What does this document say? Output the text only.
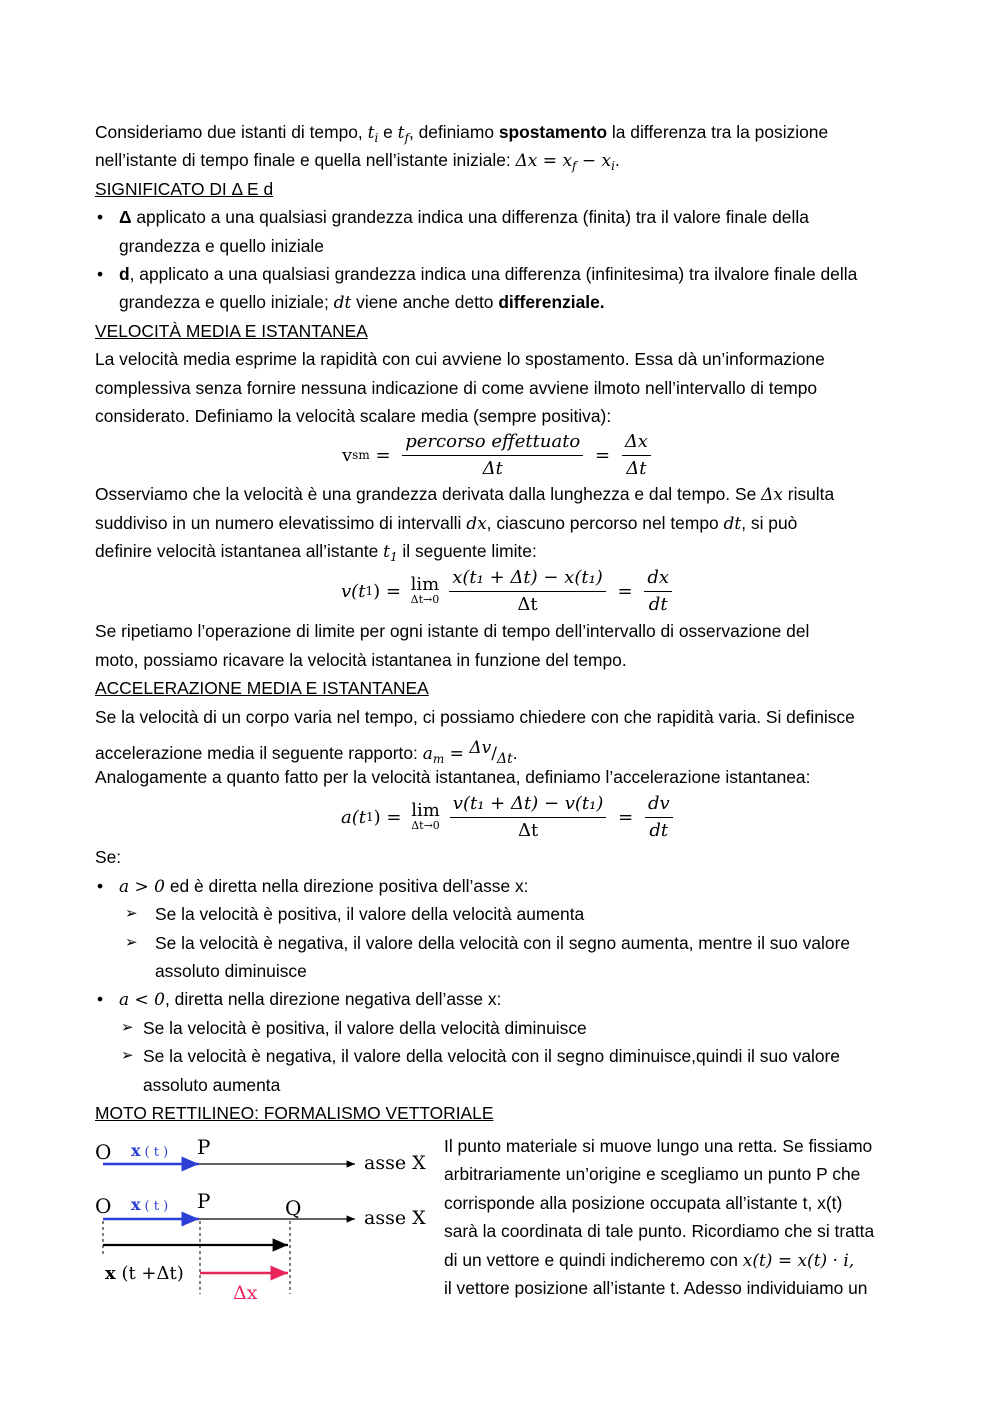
Consideriamo due istanti di tempo, $t_i$ e $t_f$, definiamo spostamento la differenza tra la posizione
nell’istante di tempo finale e quella nell’istante iniziale: $\Delta x = x_f - x_i$.
SIGNIFICATO DI Δ E d
• Δ applicato a una qualsiasi grandezza indica una differenza (finita) tra il valore finale della
grandezza e quello iniziale
• d, applicato a una qualsiasi grandezza indica una differenza (infinitesima) tra ilvalore finale della
grandezza e quello iniziale; dt viene anche detto differenziale.
VELOCITÀ MEDIA E ISTANTANEA
La velocità media esprime la rapidità con cui avviene lo spostamento. Essa dà un’informazione
complessiva senza fornire nessuna indicazione di come avviene ilmoto nell’intervallo di tempo
considerato. Definiamo la velocità scalare media (sempre positiva):
v sm = $\frac{\text{percorso effettuato}}{\Delta t} = \frac{\Delta x}{\Delta t}$
Osserviamo che la velocità è una grandezza derivata dalla lunghezza e dal tempo. Se Δx risulta
suddiviso in un numero elevatissimo di intervalli dx, ciascuno percorso nel tempo dt, si può
definire velocità istantanea all’istante $t_1$ il seguente limite:
v(t 1 ) = lim
$\Delta t\to 0 \frac{\text{x(t₁ + Δt) − x(t₁)}}{\Delta t} = \frac{dx}{dt}$
Se ripetiamo l’operazione di limite per ogni istante di tempo dell’intervallo di osservazione del
moto, possiamo ricavare la velocità istantanea in funzione del tempo.
ACCELERAZIONE MEDIA E ISTANTANEA
Se la velocità di un corpo varia nel tempo, ci possiamo chiedere con che rapidità varia. Si definisce
accelerazione media il seguente rapporto: $a_m = \Delta v/_{\Delta t}$.
Analogamente a quanto fatto per la velocità istantanea, definiamo l’accelerazione istantanea:
a(t 1 ) = lim
$\Delta t\to 0 \frac{\text{v(t₁ + Δt) − v(t₁)}}{\Delta t} = \frac{dv}{dt}$
Se:
• a > 0 ed è diretta nella direzione positiva dell’asse x:
➢ Se la velocità è positiva, il valore della velocità aumenta
➢ Se la velocità è negativa, il valore della velocità con il segno aumenta, mentre il suo valore
assoluto diminuisce
• a < 0, diretta nella direzione negativa dell’asse x:
➢ Se la velocità è positiva, il valore della velocità diminuisce
➢ Se la velocità è negativa, il valore della velocità con il segno diminuisce,quindi il suo valore
assoluto aumenta
MOTO RETTILINEO: FORMALISMO VETTORIALE
Il punto materiale si muove lungo una retta. Se fissiamo
arbitrariamente un’origine e scegliamo un punto P che
corrisponde alla posizione occupata all’istante t, x(t)
sarà la coordinata di tale punto. Ricordiamo che si tratta
di un vettore e quindi indicheremo con x(t) = x(t) · i,
il vettore posizione all’istante t. Adesso individuiamo un
O x ( t ) P
asse X
O x ( t ) P	Q	asse X
x (t +Δt)
Δx
